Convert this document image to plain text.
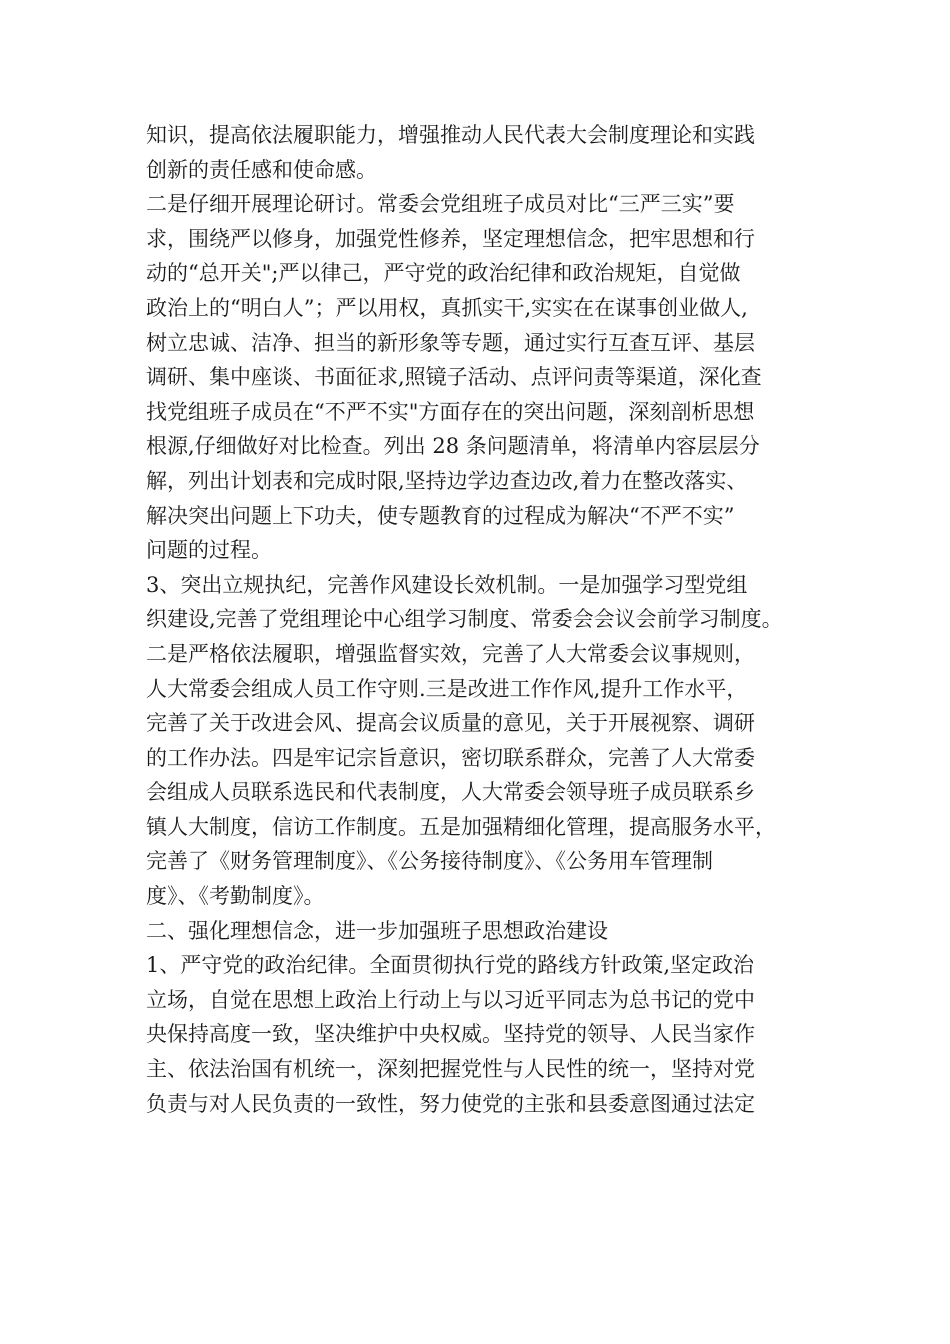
知识，提高依法履职能力，增强推动人民代表大会制度理论和实践
创新的责任感和使命感。
二是仔细开展理论研讨。常委会党组班子成员对比“三严三实”要
求，围绕严以修身，加强党性修养，坚定理想信念，把牢思想和行
动的“总开关";严以律己，严守党的政治纪律和政治规矩，自觉做
政治上的“明白人”；严以用权，真抓实干,实实在在谋事创业做人,
树立忠诚、洁净、担当的新形象等专题，通过实行互查互评、基层
调研、集中座谈、书面征求,照镜子活动、点评问责等渠道，深化查
找党组班子成员在“不严不实"方面存在的突出问题，深刻剖析思想
根源,仔细做好对比检查。列出 28 条问题清单，将清单内容层层分
解，列出计划表和完成时限,坚持边学边查边改,着力在整改落实、
解决突出问题上下功夫，使专题教育的过程成为解决“不严不实”
问题的过程。
3、突出立规执纪，完善作风建设长效机制。一是加强学习型党组
织建设,完善了党组理论中心组学习制度、常委会会议会前学习制度。
二是严格依法履职，增强监督实效，完善了人大常委会议事规则，
人大常委会组成人员工作守则.三是改进工作作风,提升工作水平，
完善了关于改进会风、提高会议质量的意见，关于开展视察、调研
的工作办法。四是牢记宗旨意识，密切联系群众，完善了人大常委
会组成人员联系选民和代表制度，人大常委会领导班子成员联系乡
镇人大制度，信访工作制度。五是加强精细化管理，提高服务水平，
完善了《财务管理制度》、《公务接待制度》、《公务用车管理制
度》、《考勤制度》。
二、强化理想信念，进一步加强班子思想政治建设
1、严守党的政治纪律。全面贯彻执行党的路线方针政策,坚定政治
立场，自觉在思想上政治上行动上与以习近平同志为总书记的党中
央保持高度一致，坚决维护中央权威。坚持党的领导、人民当家作
主、依法治国有机统一，深刻把握党性与人民性的统一，坚持对党
负责与对人民负责的一致性，努力使党的主张和县委意图通过法定
